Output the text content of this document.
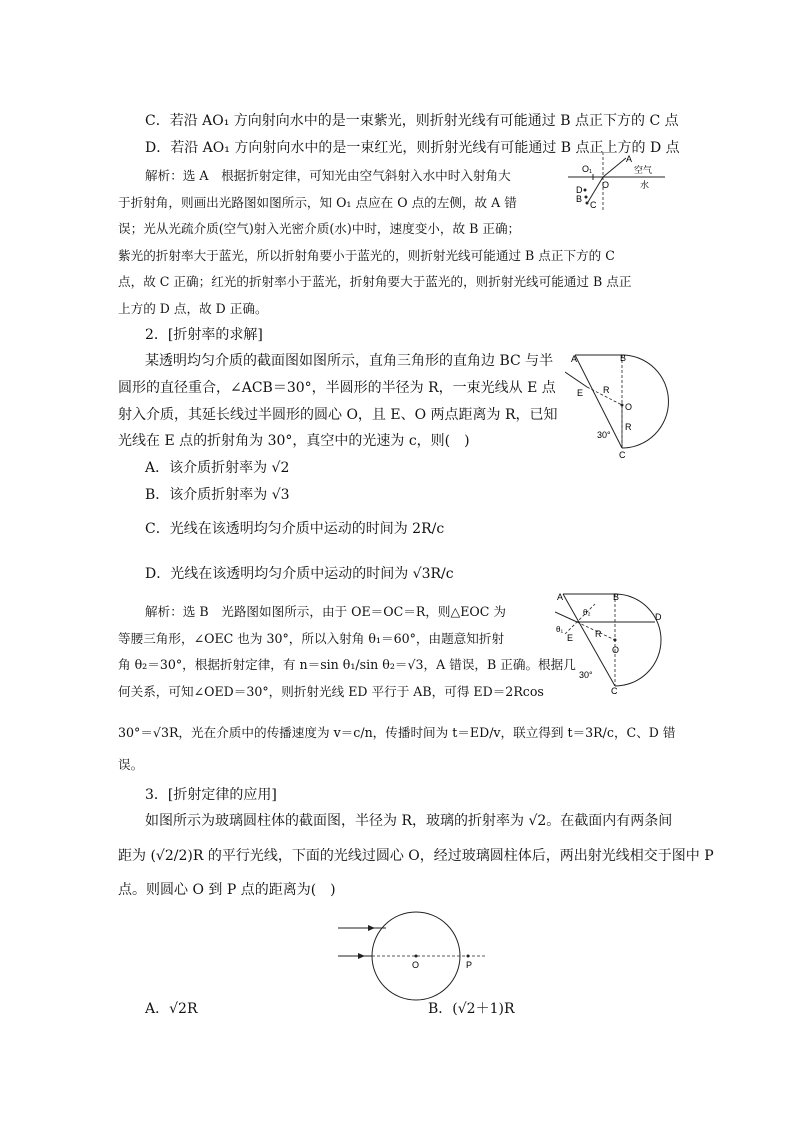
C．若沿 AO₁ 方向射向水中的是一束紫光，则折射光线有可能通过 B 点正下方的 C 点
D．若沿 AO₁ 方向射向水中的是一束红光，则折射光线有可能通过 B 点正上方的 D 点
解析：选 A　根据折射定律，可知光由空气斜射入水中时入射角大
于折射角，则画出光路图如图所示，知 O₁ 点应在 O 点的左侧，故 A 错
误；光从光疏介质(空气)射入光密介质(水)中时，速度变小，故 B 正确；
紫光的折射率大于蓝光，所以折射角要小于蓝光的，则折射光线可能通过 B 点正下方的 C
点，故 C 正确；红光的折射率小于蓝光，折射角要大于蓝光的，则折射光线可能通过 B 点正
上方的 D 点，故 D 正确。
2．[折射率的求解]
某透明均匀介质的截面图如图所示，直角三角形的直角边 BC 与半
圆形的直径重合，∠ACB＝30°，半圆形的半径为 R，一束光线从 E 点
射入介质，其延长线过半圆形的圆心 O，且 E、O 两点距离为 R，已知
光线在 E 点的折射角为 30°，真空中的光速为 c，则(　)
A．该介质折射率为 √2
B．该介质折射率为 √3
C．光线在该透明均匀介质中运动的时间为 2R/c
D．光线在该透明均匀介质中运动的时间为 √3R/c
解析：选 B　光路图如图所示，由于 OE＝OC＝R，则△EOC 为
等腰三角形，∠OEC 也为 30°，所以入射角 θ₁＝60°，由题意知折射
角 θ₂＝30°，根据折射定律，有 n＝sin θ₁/sin θ₂＝√3，A 错误，B 正确。根据几
何关系，可知∠OED＝30°，则折射光线 ED 平行于 AB，可得 ED＝2Rcos
30°＝√3R，光在介质中的传播速度为 v＝c/n，传播时间为 t＝ED/v，联立得到 t＝3R/c，C、D 错
误。
3．[折射定律的应用]
如图所示为玻璃圆柱体的截面图，半径为 R，玻璃的折射率为 √2。在截面内有两条间
距为 (√2/2)R 的平行光线，下面的光线过圆心 O，经过玻璃圆柱体后，两出射光线相交于图中 P
点。则圆心 O 到 P 点的距离为(　)
A．√2R	B．(√2＋1)R
O₁
A
空气
O	水
D
B
C
A	B
E R
O
R
30°
C
A	B
θ₂
θ₁
D
E R
O
30°
C
O	P
